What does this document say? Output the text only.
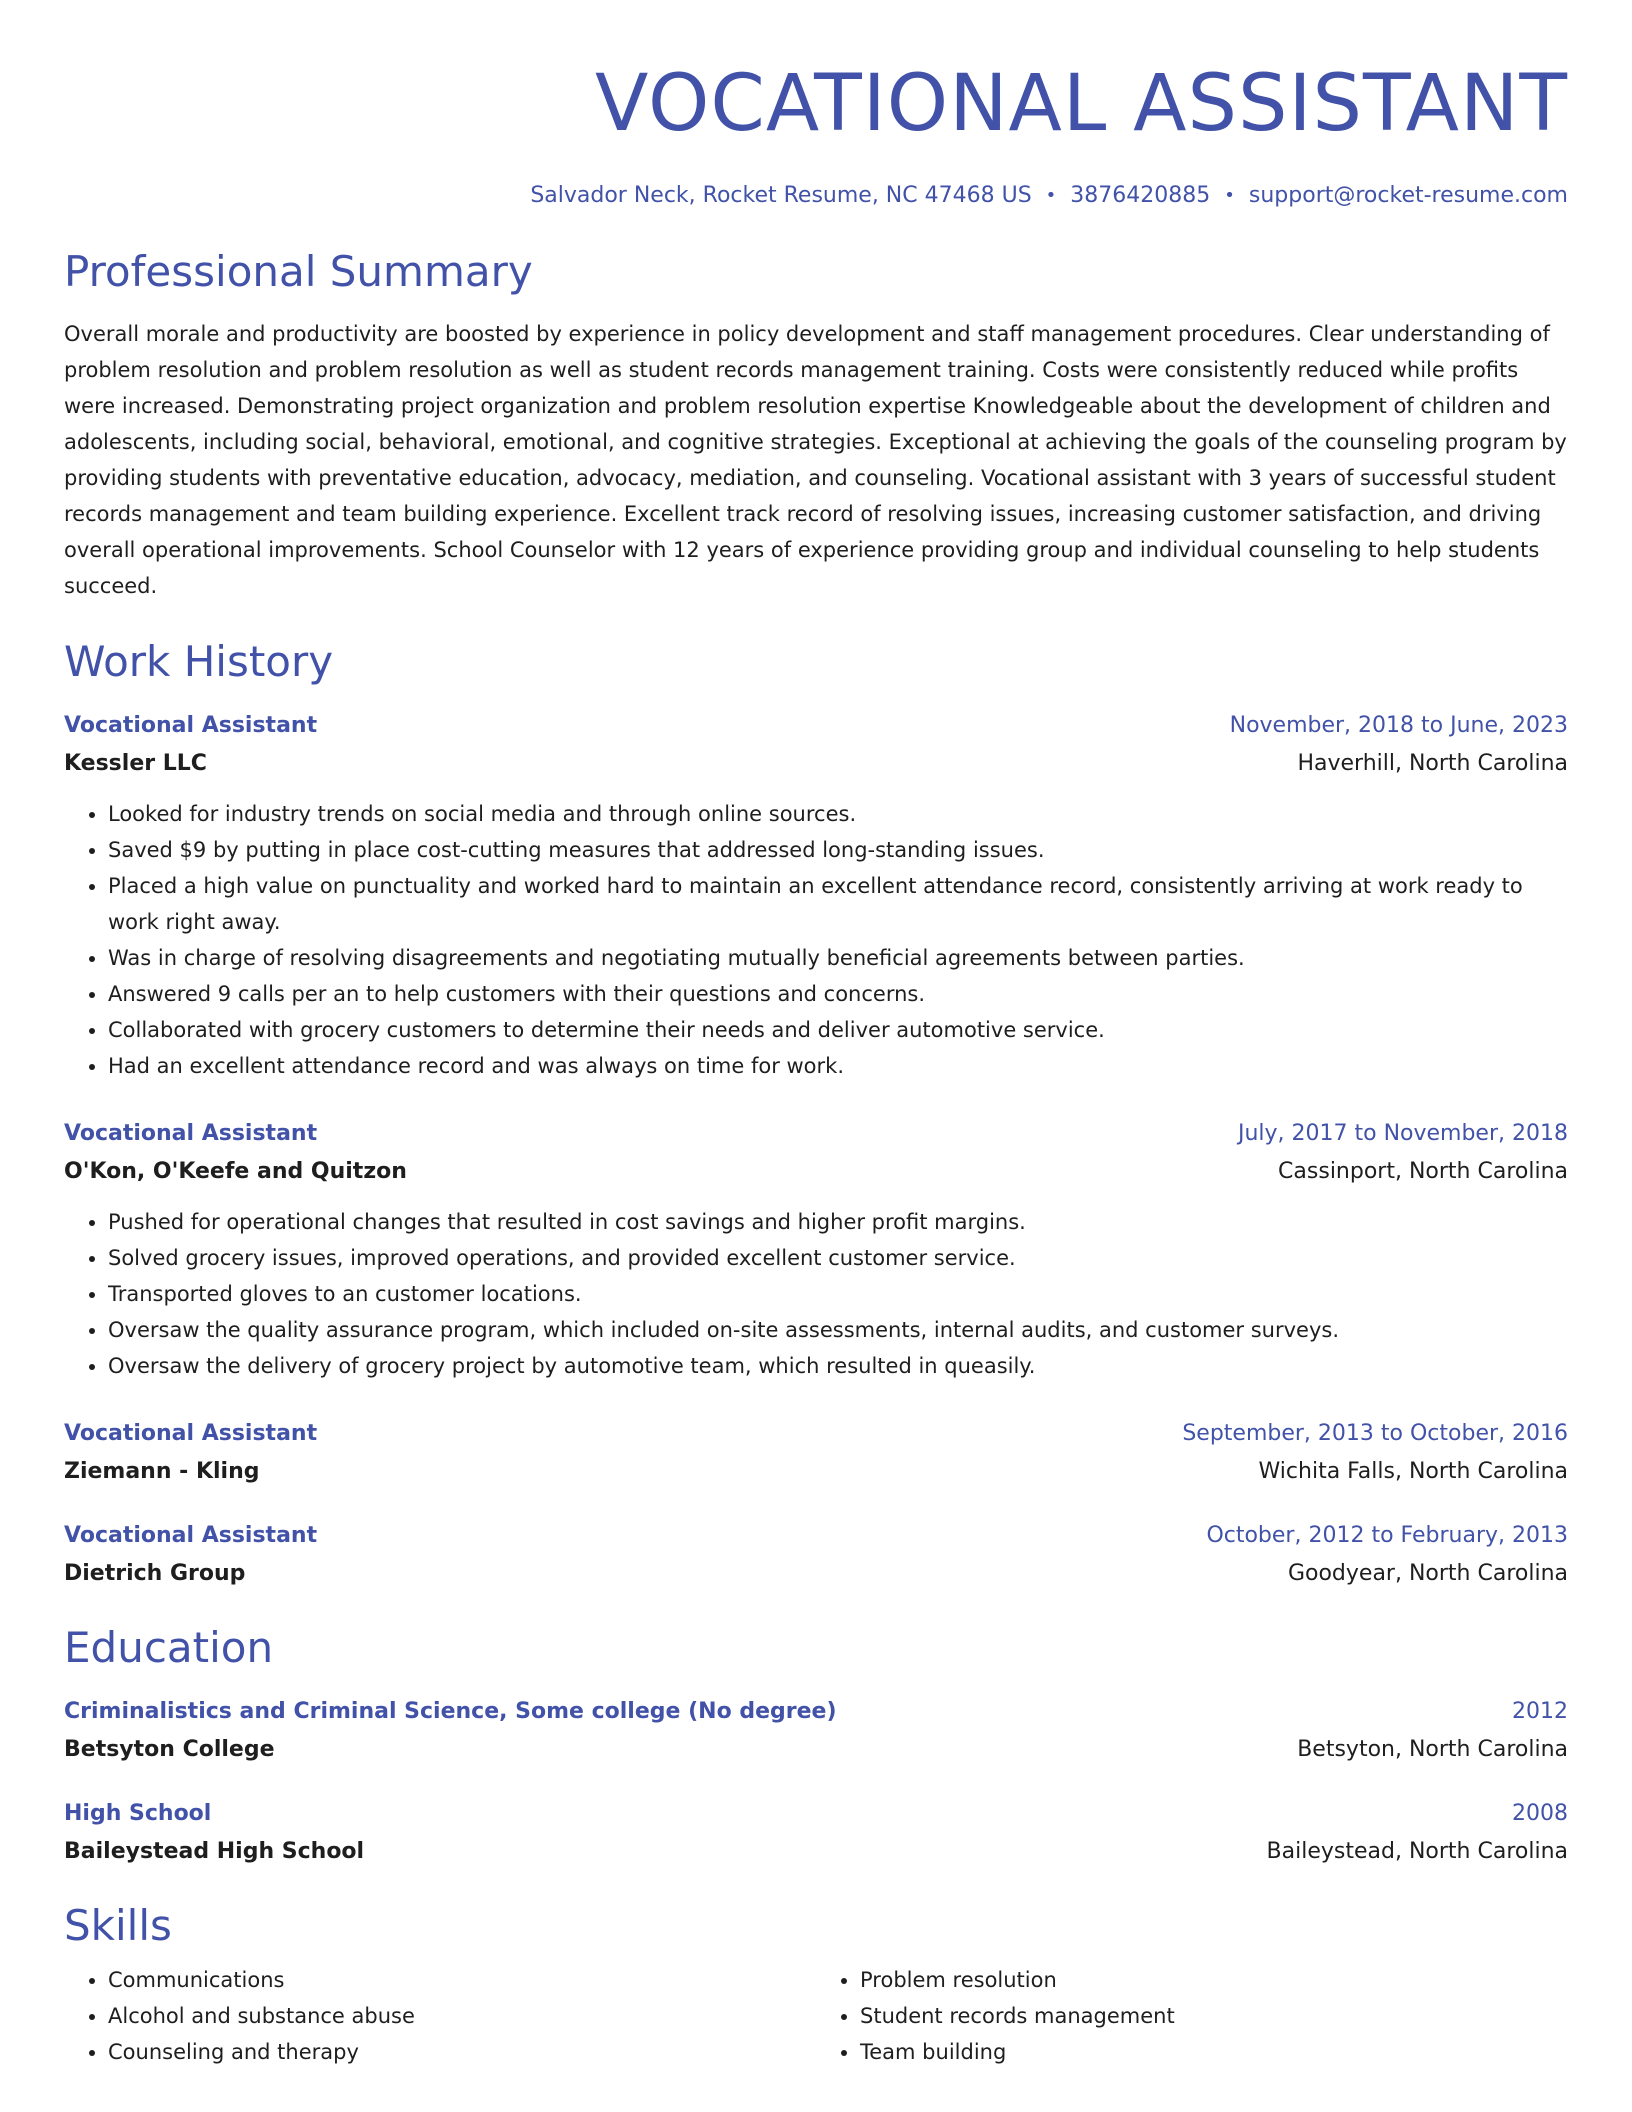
VOCATIONAL ASSISTANT
Salvador Neck, Rocket Resume, NC 47468 US • 3876420885 • support@rocket-resume.com
Professional Summary

Overall morale and productivity are boosted by experience in policy development and staff management procedures. Clear understanding of problem resolution and problem resolution as well as student records management training. Costs were consistently reduced while profits were increased. Demonstrating project organization and problem resolution expertise Knowledgeable about the development of children and adolescents, including social, behavioral, emotional, and cognitive strategies. Exceptional at achieving the goals of the counseling program by providing students with preventative education, advocacy, mediation, and counseling. Vocational assistant with 3 years of successful student records management and team building experience. Excellent track record of resolving issues, increasing customer satisfaction, and driving overall operational improvements. School Counselor with 12 years of experience providing group and individual counseling to help students succeed.

Work History
Vocational Assistant	November, 2018 to June, 2023
Kessler LLC	Haverhill, North Carolina
• Looked for industry trends on social media and through online sources.
• Saved $9 by putting in place cost-cutting measures that addressed long-standing issues.
• Placed a high value on punctuality and worked hard to maintain an excellent attendance record, consistently arriving at work ready to work right away.
• Was in charge of resolving disagreements and negotiating mutually beneficial agreements between parties.
• Answered 9 calls per an to help customers with their questions and concerns.
• Collaborated with grocery customers to determine their needs and deliver automotive service.
• Had an excellent attendance record and was always on time for work.
Vocational Assistant	July, 2017 to November, 2018
O'Kon, O'Keefe and Quitzon	Cassinport, North Carolina
• Pushed for operational changes that resulted in cost savings and higher profit margins.
• Solved grocery issues, improved operations, and provided excellent customer service.
• Transported gloves to an customer locations.
• Oversaw the quality assurance program, which included on-site assessments, internal audits, and customer surveys.
• Oversaw the delivery of grocery project by automotive team, which resulted in queasily.
Vocational Assistant	September, 2013 to October, 2016
Ziemann - Kling	Wichita Falls, North Carolina
Vocational Assistant	October, 2012 to February, 2013
Dietrich Group	Goodyear, North Carolina
Education
Criminalistics and Criminal Science, Some college (No degree)	2012
Betsyton College	Betsyton, North Carolina
High School	2008
Baileystead High School	Baileystead, North Carolina
Skills
• Communications
• Alcohol and substance abuse
• Counseling and therapy
• Problem resolution
• Student records management
• Team building
